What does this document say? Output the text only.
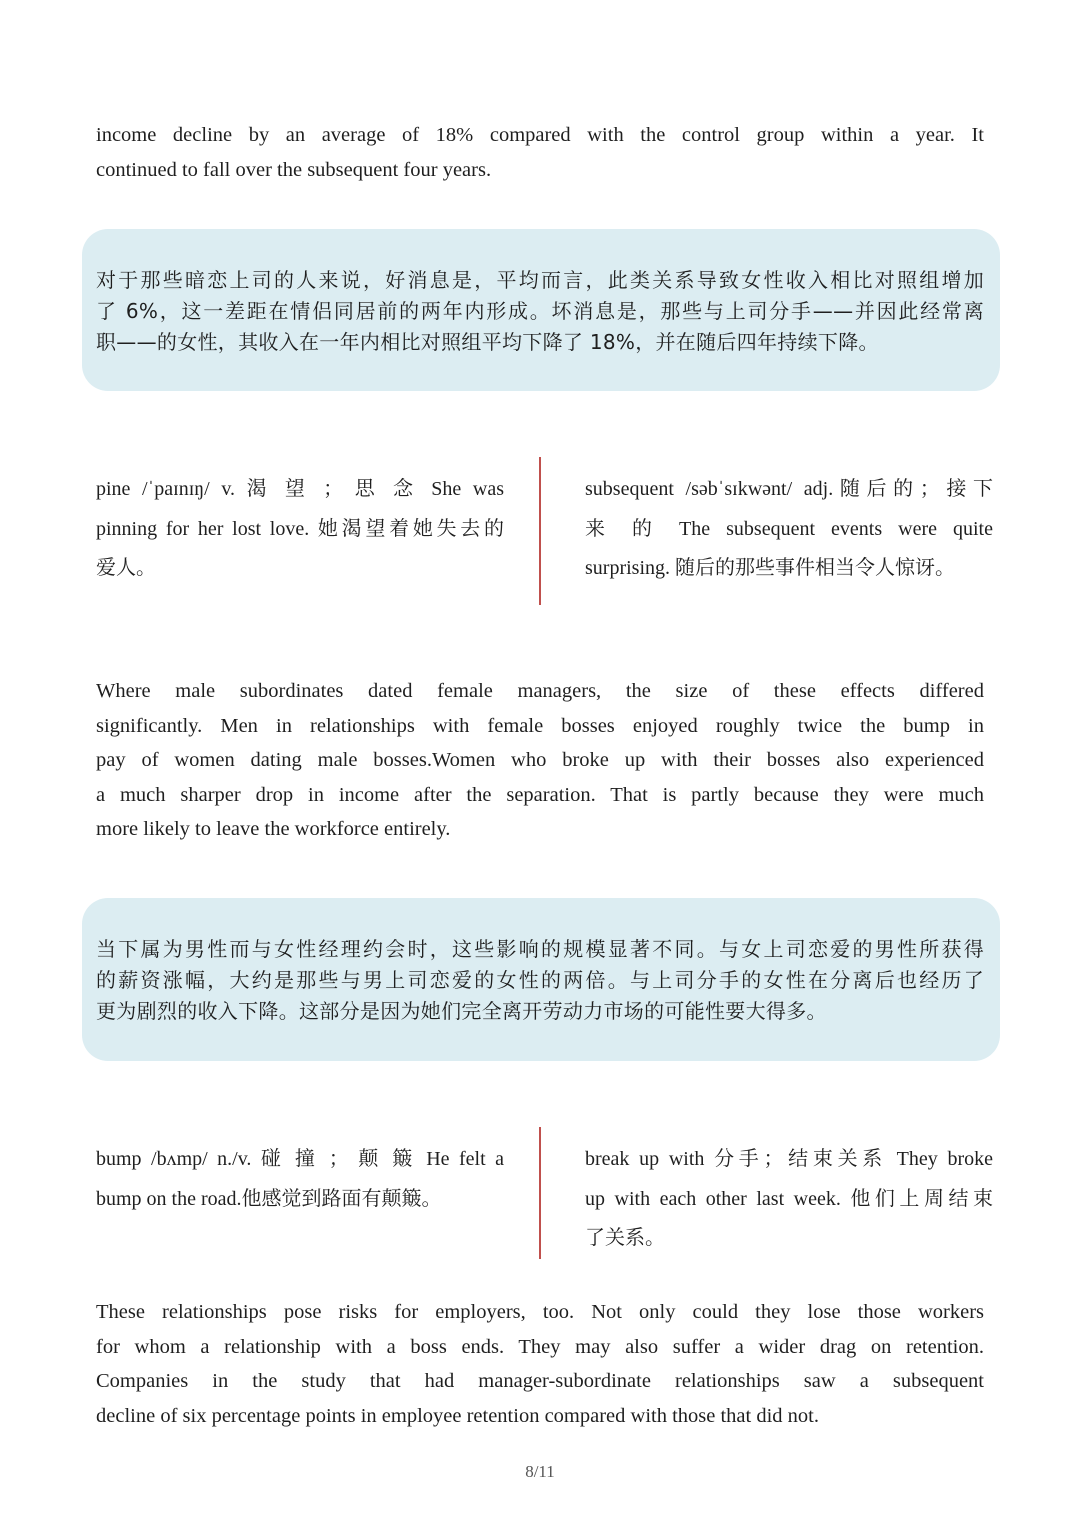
income decline by an average of 18% compared with the control group within a year. It
continued to fall over the subsequent four years.
对于那些暗恋上司的人来说，好消息是，平均而言，此类关系导致女性收入相比对照组增加
了 6%，这一差距在情侣同居前的两年内形成。坏消息是，那些与上司分手——并因此经常离
职——的女性，其收入在一年内相比对照组平均下降了 18%，并在随后四年持续下降。
pine /ˈpaɪnɪŋ/ v. 渴 望 ； 思 念 She was
pinning for her lost love. 她渴望着她失去的
爱人。
subsequent /səbˈsɪkwənt/ adj.随后的；接下
来 的 The subsequent events were quite
surprising. 随后的那些事件相当令人惊讶。
Where male subordinates dated female managers, the size of these effects differed
significantly. Men in relationships with female bosses enjoyed roughly twice the bump in
pay of women dating male bosses.Women who broke up with their bosses also experienced
a much sharper drop in income after the separation. That is partly because they were much
more likely to leave the workforce entirely.
当下属为男性而与女性经理约会时，这些影响的规模显著不同。与女上司恋爱的男性所获得
的薪资涨幅，大约是那些与男上司恋爱的女性的两倍。与上司分手的女性在分离后也经历了
更为剧烈的收入下降。这部分是因为她们完全离开劳动力市场的可能性要大得多。
bump /bʌmp/ n./v. 碰 撞 ； 颠 簸 He felt a
bump on the road.他感觉到路面有颠簸。
break up with 分手；结束关系 They broke
up with each other last week. 他们上周结束
了关系。
These relationships pose risks for employers, too. Not only could they lose those workers
for whom a relationship with a boss ends. They may also suffer a wider drag on retention.
Companies in the study that had manager-subordinate relationships saw a subsequent
decline of six percentage points in employee retention compared with those that did not.
8/11
